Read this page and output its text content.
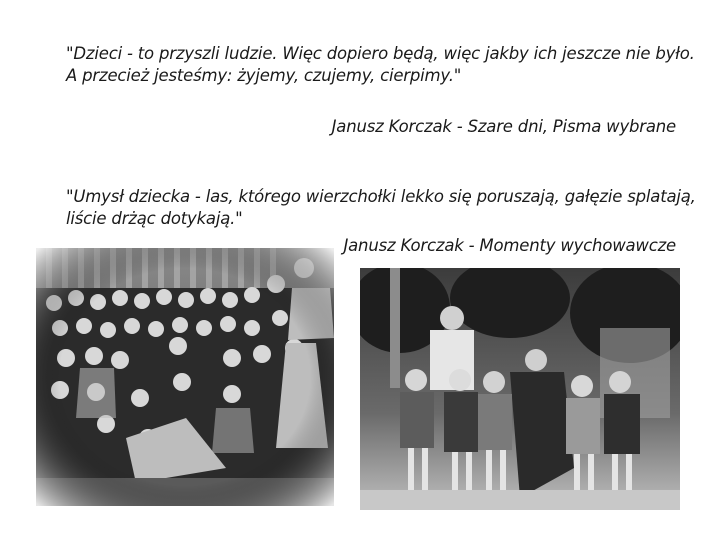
"Dzieci - to przyszli ludzie. Więc dopiero będą, więc jakby ich jeszcze nie było.
A przecież jesteśmy: żyjemy, czujemy, cierpimy."

Janusz Korczak - Szare dni, Pisma wybrane

"Umysł dziecka - las, którego wierzchołki lekko się poruszają, gałęzie splatają,
liście drżąc dotykają."

Janusz Korczak - Momenty wychowawcze
